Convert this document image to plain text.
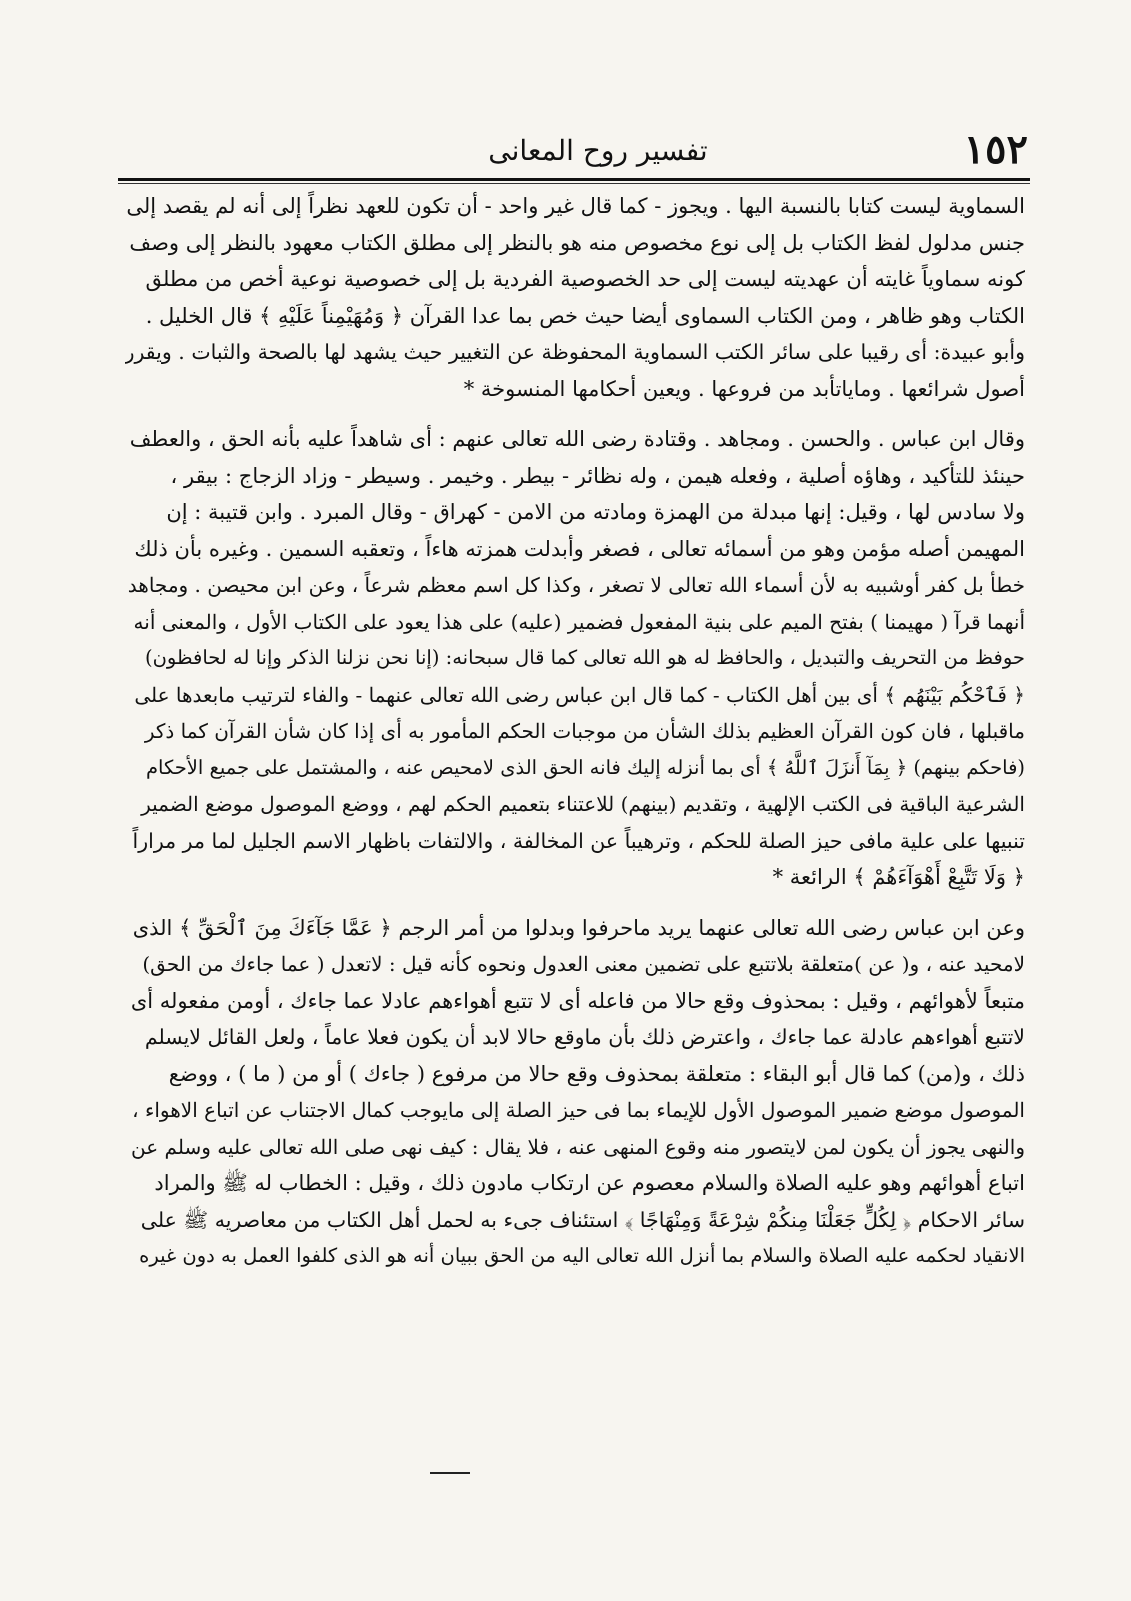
١٥٢
تفسير روح المعانى
السماوية ليست كتابا بالنسبة اليها . ويجوز - كما قال غير واحد - أن تكون للعهد نظراً إلى أنه لم يقصد إلى
جنس مدلول لفظ الكتاب بل إلى نوع مخصوص منه هو بالنظر إلى مطلق الكتاب معهود بالنظر إلى وصف
كونه سماوياً غايته أن عهديته ليست إلى حد الخصوصية الفردية بل إلى خصوصية نوعية أخص من مطلق
الكتاب وهو ظاهر ، ومن الكتاب السماوى أيضا حيث خص بما عدا القرآن ﴿ وَمُهَيْمِناً عَلَيْهِ ﴾ قال الخليل .
وأبو عبيدة: أى رقيبا على سائر الكتب السماوية المحفوظة عن التغيير حيث يشهد لها بالصحة والثبات . ويقرر
أصول شرائعها . وماياتأبد من فروعها . ويعين أحكامها المنسوخة *
وقال ابن عباس . والحسن . ومجاهد . وقتادة رضى الله تعالى عنهم : أى شاهداً عليه بأنه الحق ، والعطف
حينئذ للتأكيد ، وهاؤه أصلية ، وفعله هيمن ، وله نظائر - بيطر . وخيمر . وسيطر - وزاد الزجاج : بيقر ،
ولا سادس لها ، وقيل: إنها مبدلة من الهمزة ومادته من الامن - كهراق - وقال المبرد . وابن قتيبة : إن
المهيمن أصله مؤمن وهو من أسمائه تعالى ، فصغر وأبدلت همزته هاءاً ، وتعقبه السمين . وغيره بأن ذلك
خطأ بل كفر أوشبيه به لأن أسماء الله تعالى لا تصغر ، وكذا كل اسم معظم شرعاً ، وعن ابن محيصن . ومجاهد
أنهما قرآ ( مهيمنا ) بفتح الميم على بنية المفعول فضمير (عليه) على هذا يعود على الكتاب الأول ، والمعنى أنه
حوفظ من التحريف والتبديل ، والحافظ له هو الله تعالى كما قال سبحانه: (إنا نحن نزلنا الذكر وإنا له لحافظون)
﴿ فَٱحْكُم بَيْنَهُم ﴾ أى بين أهل الكتاب - كما قال ابن عباس رضى الله تعالى عنهما - والفاء لترتيب مابعدها على
ماقبلها ، فان كون القرآن العظيم بذلك الشأن من موجبات الحكم المأمور به أى إذا كان شأن القرآن كما ذكر
(فاحكم بينهم) ﴿ بِمَآ أَنزَلَ ٱللَّهُ ﴾ أى بما أنزله إليك فانه الحق الذى لامحيص عنه ، والمشتمل على جميع الأحكام
الشرعية الباقية فى الكتب الإلهية ، وتقديم (بينهم) للاعتناء بتعميم الحكم لهم ، ووضع الموصول موضع الضمير
تنبيها على علية مافى حيز الصلة للحكم ، وترهيباً عن المخالفة ، والالتفات باظهار الاسم الجليل لما مر مراراً
﴿ وَلَا تَتَّبِعْ أَهْوَآءَهُمْ ﴾ الرائعة *
وعن ابن عباس رضى الله تعالى عنهما يريد ماحرفوا وبدلوا من أمر الرجم ﴿ عَمَّا جَآءَكَ مِنَ ٱلْحَقِّ ﴾ الذى
لامحيد عنه ، و( عن )متعلقة بلاتتبع على تضمين معنى العدول ونحوه كأنه قيل : لاتعدل ( عما جاءك من الحق)
متبعاً لأهوائهم ، وقيل : بمحذوف وقع حالا من فاعله أى لا تتبع أهواءهم عادلا عما جاءك ، أومن مفعوله أى
لاتتبع أهواءهم عادلة عما جاءك ، واعترض ذلك بأن ماوقع حالا لابد أن يكون فعلا عاماً ، ولعل القائل لايسلم
ذلك ، و(من) كما قال أبو البقاء : متعلقة بمحذوف وقع حالا من مرفوع ( جاءك ) أو من ( ما ) ، ووضع
الموصول موضع ضمير الموصول الأول للإيماء بما فى حيز الصلة إلى مايوجب كمال الاجتناب عن اتباع الاهواء ،
والنهى يجوز أن يكون لمن لايتصور منه وقوع المنهى عنه ، فلا يقال : كيف نهى صلى الله تعالى عليه وسلم عن
اتباع أهوائهم وهو عليه الصلاة والسلام معصوم عن ارتكاب مادون ذلك ، وقيل : الخطاب له ﷺ والمراد
سائر الاحكام ﴿ لِكُلٍّ جَعَلْنَا مِنكُمْ شِرْعَةً وَمِنْهَاجًا ﴾ استئناف جىء به لحمل أهل الكتاب من معاصريه ﷺ على
الانقياد لحكمه عليه الصلاة والسلام بما أنزل الله تعالى اليه من الحق ببيان أنه هو الذى كلفوا العمل به دون غيره
